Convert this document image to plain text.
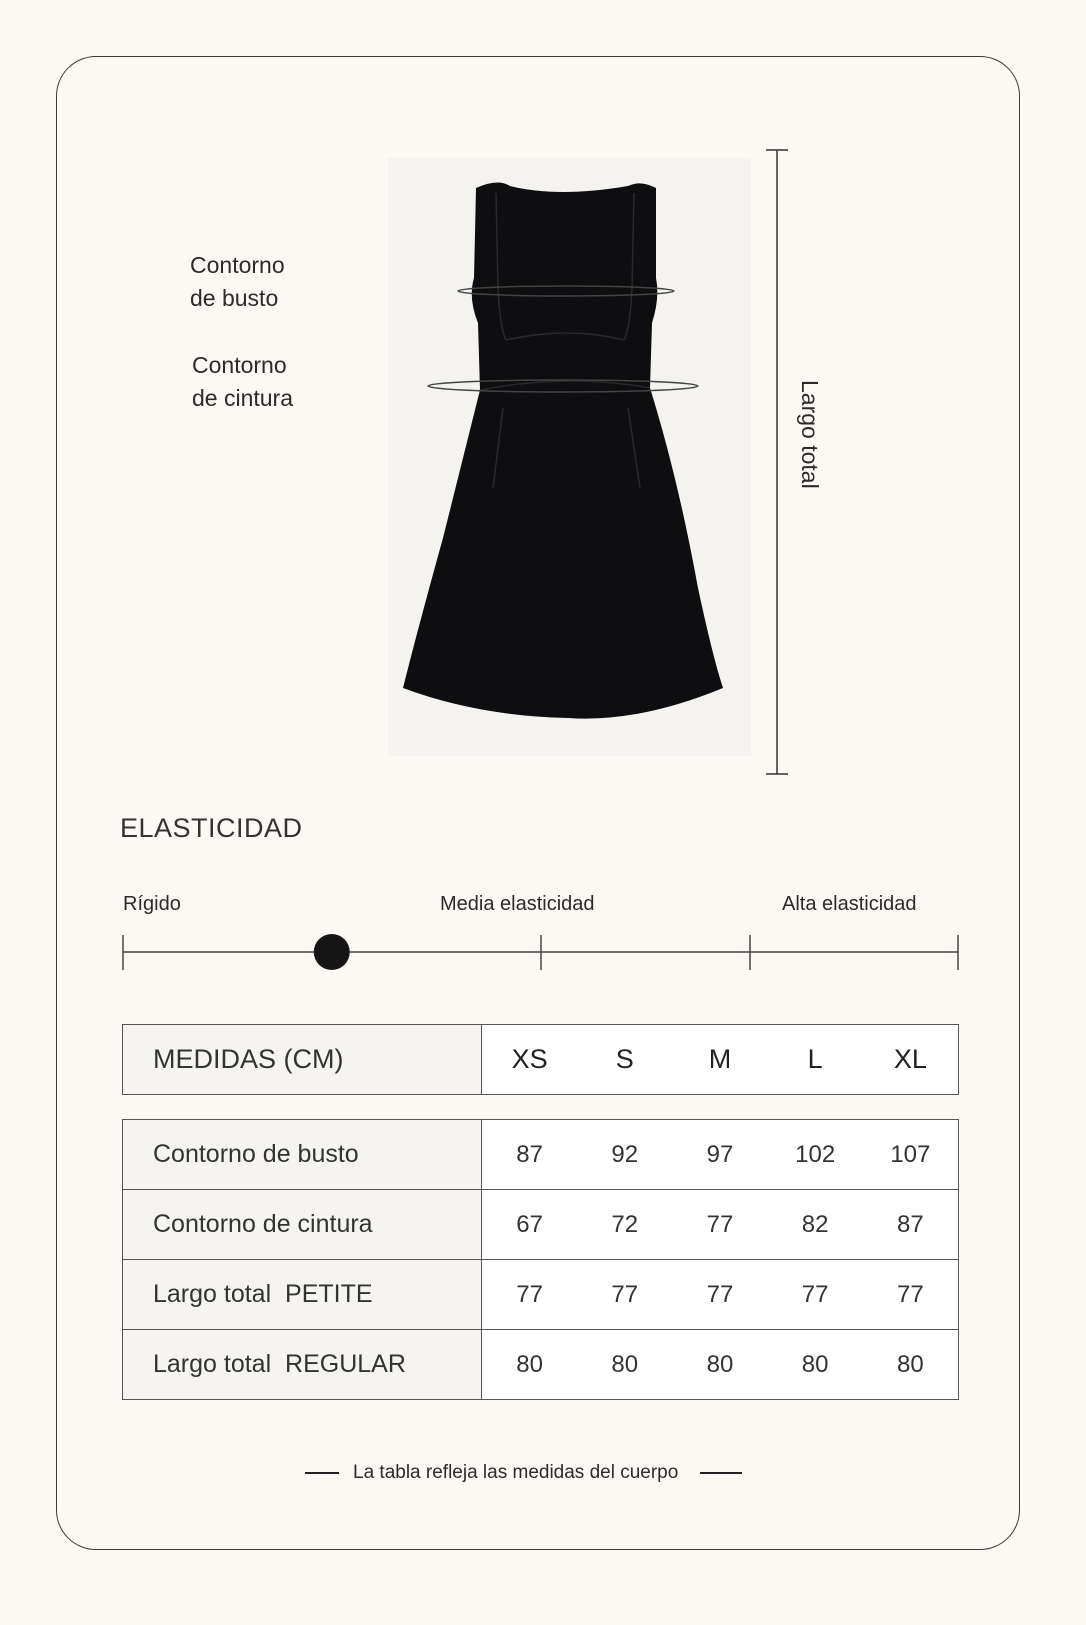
Contorno
de busto
Contorno
de cintura	Largo total
ELASTICIDAD
Rígido	Media elasticidad	Alta elasticidad
MEDIDAS (CM)	XS	S	M	L	XL
Contorno de busto	87 92 97 102 107

Contorno de cintura	67 72 77 82 87

Largo total  PETITE	77 77 77 77 77

Largo total  REGULAR	80 80 80 80 80
La tabla refleja las medidas del cuerpo
